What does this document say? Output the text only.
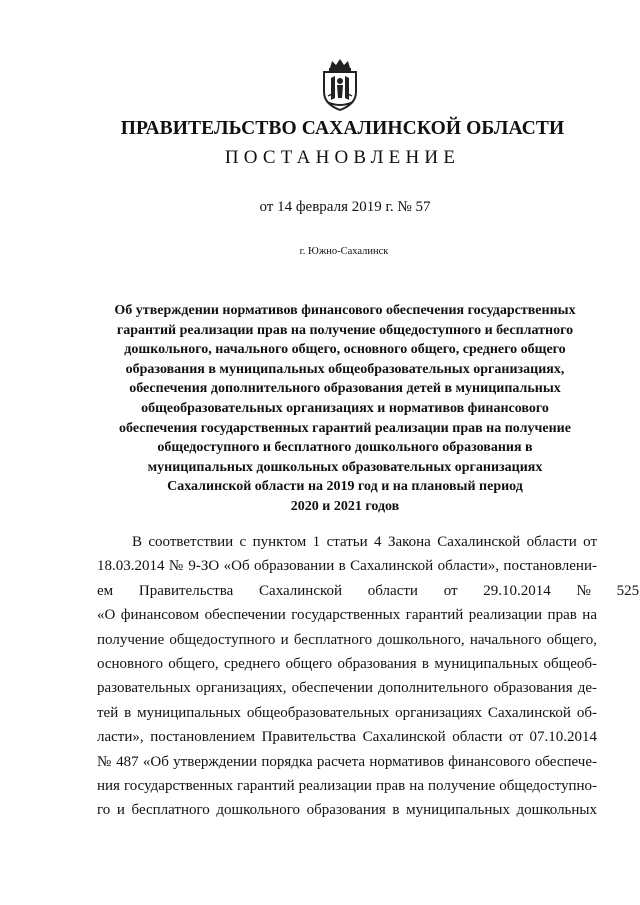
ПРАВИТЕЛЬСТВО САХАЛИНСКОЙ ОБЛАСТИ
ПОСТАНОВЛЕНИЕ
от 14 февраля 2019 г. № 57
г. Южно-Сахалинск
Об утверждении нормативов финансового обеспечения государственных
гарантий реализации прав на получение общедоступного и бесплатного
дошкольного, начального общего, основного общего, среднего общего
образования в муниципальных общеобразовательных организациях,
обеспечения дополнительного образования детей в муниципальных
общеобразовательных организациях и нормативов финансового
обеспечения государственных гарантий реализации прав на получение
общедоступного и бесплатного дошкольного образования в
муниципальных дошкольных образовательных организациях
Сахалинской области на 2019 год и на плановый период
2020 и 2021 годов
В соответствии с пунктом 1 статьи 4 Закона Сахалинской области от
18.03.2014 № 9-ЗО «Об образовании в Сахалинской области», постановлени-
ем Правительства Сахалинской области от 29.10.2014 № 525
«О финансовом обеспечении государственных гарантий реализации прав на
получение общедоступного и бесплатного дошкольного, начального общего,
основного общего, среднего общего образования в муниципальных общеоб-
разовательных организациях, обеспечении дополнительного образования де-
тей в муниципальных общеобразовательных организациях Сахалинской об-
ласти», постановлением Правительства Сахалинской области от 07.10.2014
№ 487 «Об утверждении порядка расчета нормативов финансового обеспече-
ния государственных гарантий реализации прав на получение общедоступно-
го и бесплатного дошкольного образования в муниципальных дошкольных
